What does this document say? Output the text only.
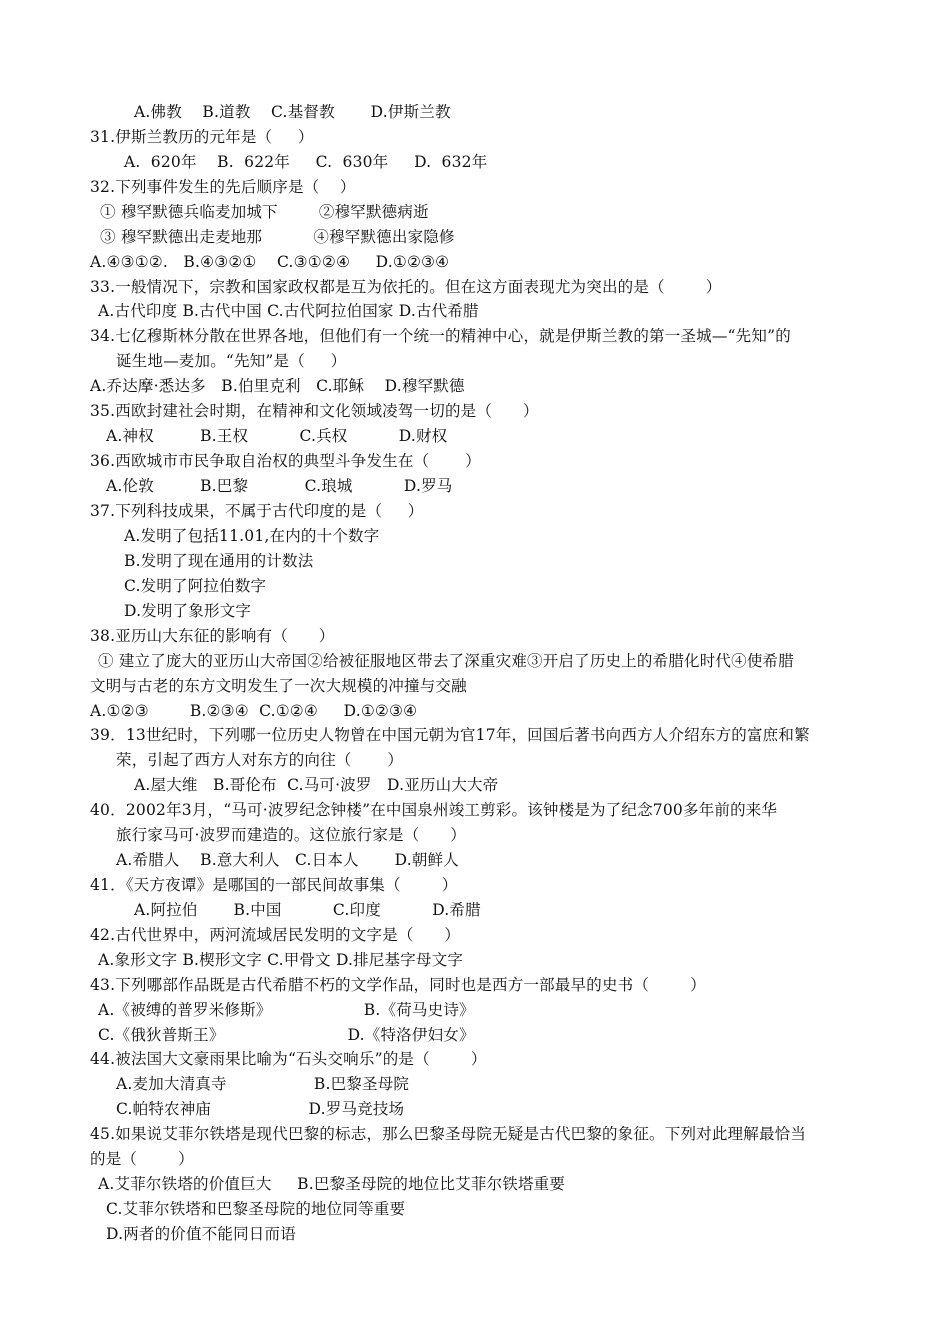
A.佛教    B.道教    C.基督教       D.伊斯兰教
31.伊斯兰教历的元年是（     ）
A.  620年    B.  622年     C.  630年     D.  632年
32.下列事件发生的先后顺序是（    ）
① 穆罕默德兵临麦加城下        ②穆罕默德病逝
③ 穆罕默德出走麦地那          ④穆罕默德出家隐修
A.④③①②.   B.④③②①    C.③①②④     D.①②③④
33.一般情况下，宗教和国家政权都是互为依托的。但在这方面表现尤为突出的是（        ）
A.古代印度 B.古代中国 C.古代阿拉伯国家 D.古代希腊
34.七亿穆斯林分散在世界各地，但他们有一个统一的精神中心，就是伊斯兰教的第一圣城—“先知”的
诞生地—麦加。“先知”是（     ）
A.乔达摩·悉达多   B.伯里克利   C.耶稣    D.穆罕默德
35.西欧封建社会时期，在精神和文化领域凌驾一切的是（      ）
A.神权         B.王权          C.兵权          D.财权
36.西欧城市市民争取自治权的典型斗争发生在（       ）
A.伦敦         B.巴黎           C.琅城          D.罗马
37.下列科技成果，不属于古代印度的是（     ）
A.发明了包括11.01,在内的十个数字
B.发明了现在通用的计数法
C.发明了阿拉伯数字
D.发明了象形文字
38.亚历山大东征的影响有（      ）
① 建立了庞大的亚历山大帝国②给被征服地区带去了深重灾难③开启了历史上的希腊化时代④使希腊
文明与古老的东方文明发生了一次大规模的冲撞与交融
A.①②③        B.②③④  C.①②④     D.①②③④
39．13世纪时，下列哪一位历史人物曾在中国元朝为官17年，回国后著书向西方人介绍东方的富庶和繁
荣，引起了西方人对东方的向往（       ）
A.屋大维   B.哥伦布  C.马可·波罗   D.亚历山大大帝
40．2002年3月，“马可·波罗纪念钟楼”在中国泉州竣工剪彩。该钟楼是为了纪念700多年前的来华
旅行家马可·波罗而建造的。这位旅行家是（      ）
A.希腊人    B.意大利人   C.日本人       D.朝鲜人
41．《天方夜谭》是哪国的一部民间故事集（        ）
A.阿拉伯       B.中国          C.印度          D.希腊
42.古代世界中，两河流域居民发明的文字是（      ）
A.象形文字 B.楔形文字 C.甲骨文 D.排尼基字母文字
43.下列哪部作品既是古代希腊不朽的文学作品，同时也是西方一部最早的史书（        ）
A.《被缚的普罗米修斯》                  B.《荷马史诗》
C.《俄狄普斯王》                        D.《特洛伊妇女》
44.被法国大文豪雨果比喻为“石头交响乐”的是（        ）
A.麦加大清真寺                 B.巴黎圣母院
C.帕特农神庙                   D.罗马竞技场
45.如果说艾菲尔铁塔是现代巴黎的标志，那么巴黎圣母院无疑是古代巴黎的象征。下列对此理解最恰当
的是（        ）
A.艾菲尔铁塔的价值巨大     B.巴黎圣母院的地位比艾菲尔铁塔重要
C.艾菲尔铁塔和巴黎圣母院的地位同等重要
D.两者的价值不能同日而语
